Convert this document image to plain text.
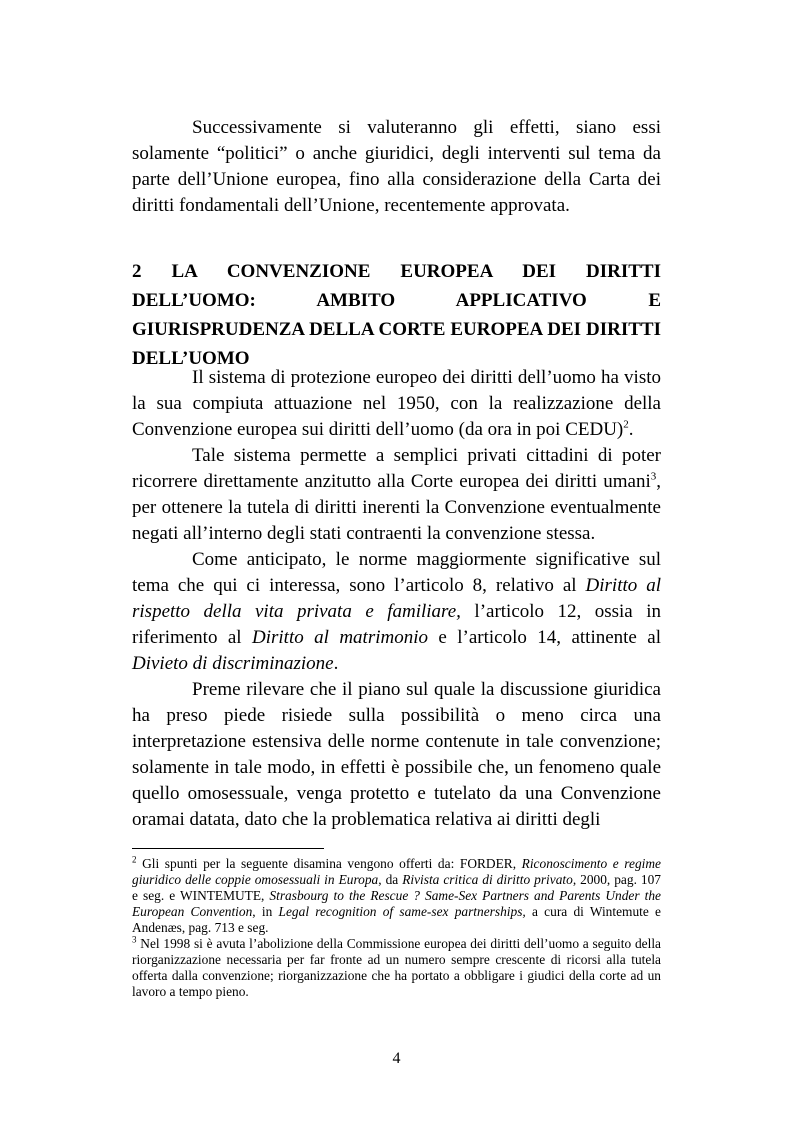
Successivamente si valuteranno gli effetti, siano essi solamente “politici” o anche giuridici, degli interventi sul tema da parte dell’Unione europea, fino alla considerazione della Carta dei diritti fondamentali dell’Unione, recentemente approvata.

2 LA CONVENZIONE EUROPEA DEI DIRITTI DELL’UOMO: AMBITO APPLICATIVO E GIURISPRUDENZA DELLA CORTE EUROPEA DEI DIRITTI DELL’UOMO

Il sistema di protezione europeo dei diritti dell’uomo ha visto la sua compiuta attuazione nel 1950, con la realizzazione della Convenzione europea sui diritti dell’uomo (da ora in poi CEDU)$^2$.

Tale sistema permette a semplici privati cittadini di poter ricorrere direttamente anzitutto alla Corte europea dei diritti umani$^3$, per ottenere la tutela di diritti inerenti la Convenzione eventualmente negati all’interno degli stati contraenti la convenzione stessa.

Come anticipato, le norme maggiormente significative sul tema che qui ci interessa, sono l’articolo 8, relativo al Diritto al rispetto della vita privata e familiare, l’articolo 12, ossia in riferimento al Diritto al matrimonio e l’articolo 14, attinente al Divieto di discriminazione.

Preme rilevare che il piano sul quale la discussione giuridica ha preso piede risiede sulla possibilità o meno circa una interpretazione estensiva delle norme contenute in tale convenzione; solamente in tale modo, in effetti è possibile che, un fenomeno quale quello omosessuale, venga protetto e tutelato da una Convenzione oramai datata, dato che la problematica relativa ai diritti degli

$^2$ Gli spunti per la seguente disamina vengono offerti da: FORDER, Riconoscimento e regime giuridico delle coppie omosessuali in Europa, da Rivista critica di diritto privato, 2000, pag. 107 e seg. e WINTEMUTE, Strasbourg to the Rescue ? Same-Sex Partners and Parents Under the European Convention, in Legal recognition of same-sex partnerships, a cura di Wintemute e Andenæs, pag. 713 e seg.

$^3$ Nel 1998 si è avuta l’abolizione della Commissione europea dei diritti dell’uomo a seguito della riorganizzazione necessaria per far fronte ad un numero sempre crescente di ricorsi alla tutela offerta dalla convenzione; riorganizzazione che ha portato a obbligare i giudici della corte ad un lavoro a tempo pieno.

4
